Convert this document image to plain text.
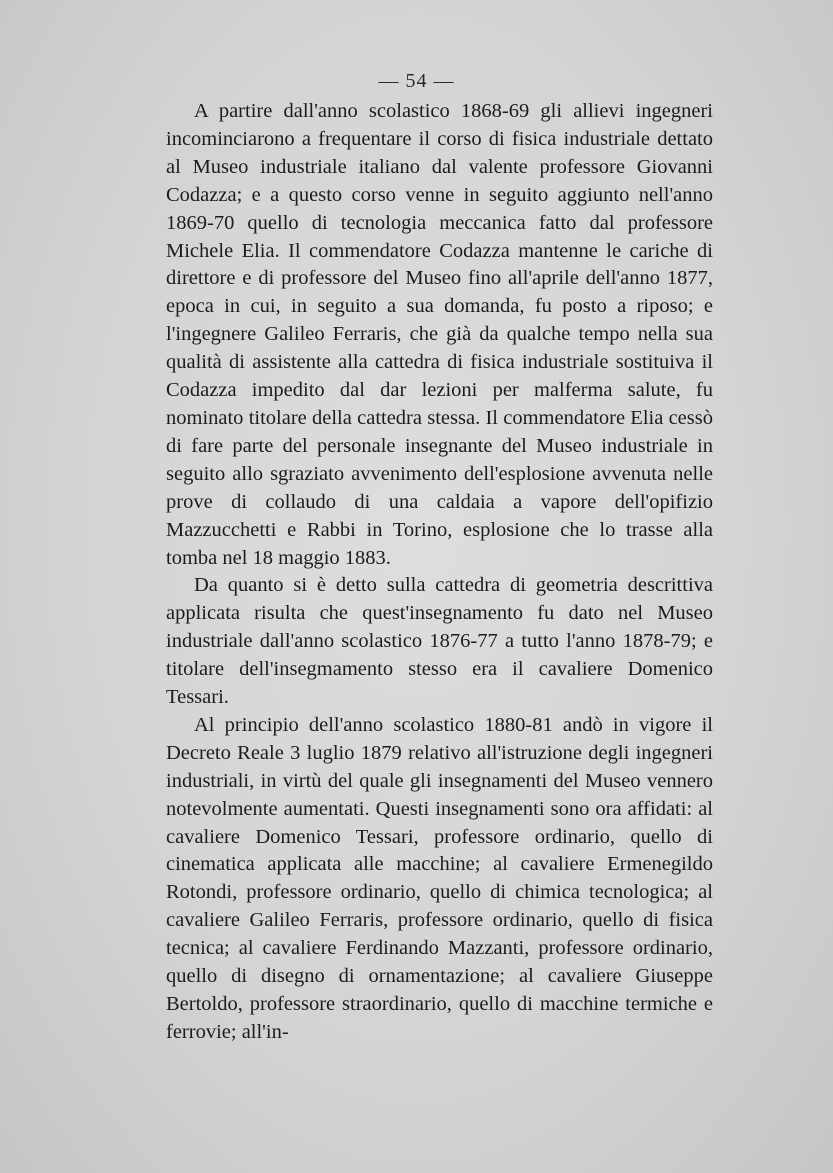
— 54 —

A partire dall'anno scolastico 1868-69 gli allievi ingegneri incominciarono a frequentare il corso di fisica industriale dettato al Museo industriale italiano dal valente professore Giovanni Codazza; e a questo corso venne in seguito aggiunto nell'anno 1869-70 quello di tecnologia meccanica fatto dal professore Michele Elia. Il commendatore Codazza mantenne le cariche di direttore e di professore del Museo fino all'aprile dell'anno 1877, epoca in cui, in seguito a sua domanda, fu posto a riposo; e l'ingegnere Galileo Ferraris, che già da qualche tempo nella sua qualità di assistente alla cattedra di fisica industriale sostituiva il Codazza impedito dal dar lezioni per malferma salute, fu nominato titolare della cattedra stessa. Il commendatore Elia cessò di fare parte del personale insegnante del Museo industriale in seguito allo sgraziato avvenimento dell'esplosione avvenuta nelle prove di collaudo di una caldaia a vapore dell'opifizio Mazzucchetti e Rabbi in Torino, esplosione che lo trasse alla tomba nel 18 maggio 1883.

Da quanto si è detto sulla cattedra di geometria descrittiva applicata risulta che quest'insegnamento fu dato nel Museo industriale dall'anno scolastico 1876-77 a tutto l'anno 1878-79; e titolare dell'insegmamento stesso era il cavaliere Domenico Tessari.

Al principio dell'anno scolastico 1880-81 andò in vigore il Decreto Reale 3 luglio 1879 relativo all'istruzione degli ingegneri industriali, in virtù del quale gli insegnamenti del Museo vennero notevolmente aumentati. Questi insegnamenti sono ora affidati: al cavaliere Domenico Tessari, professore ordinario, quello di cinematica applicata alle macchine; al cavaliere Ermenegildo Rotondi, professore ordinario, quello di chimica tecnologica; al cavaliere Galileo Ferraris, professore ordinario, quello di fisica tecnica; al cavaliere Ferdinando Mazzanti, professore ordinario, quello di disegno di ornamentazione; al cavaliere Giuseppe Bertoldo, professore straordinario, quello di macchine termiche e ferrovie; all'in-
